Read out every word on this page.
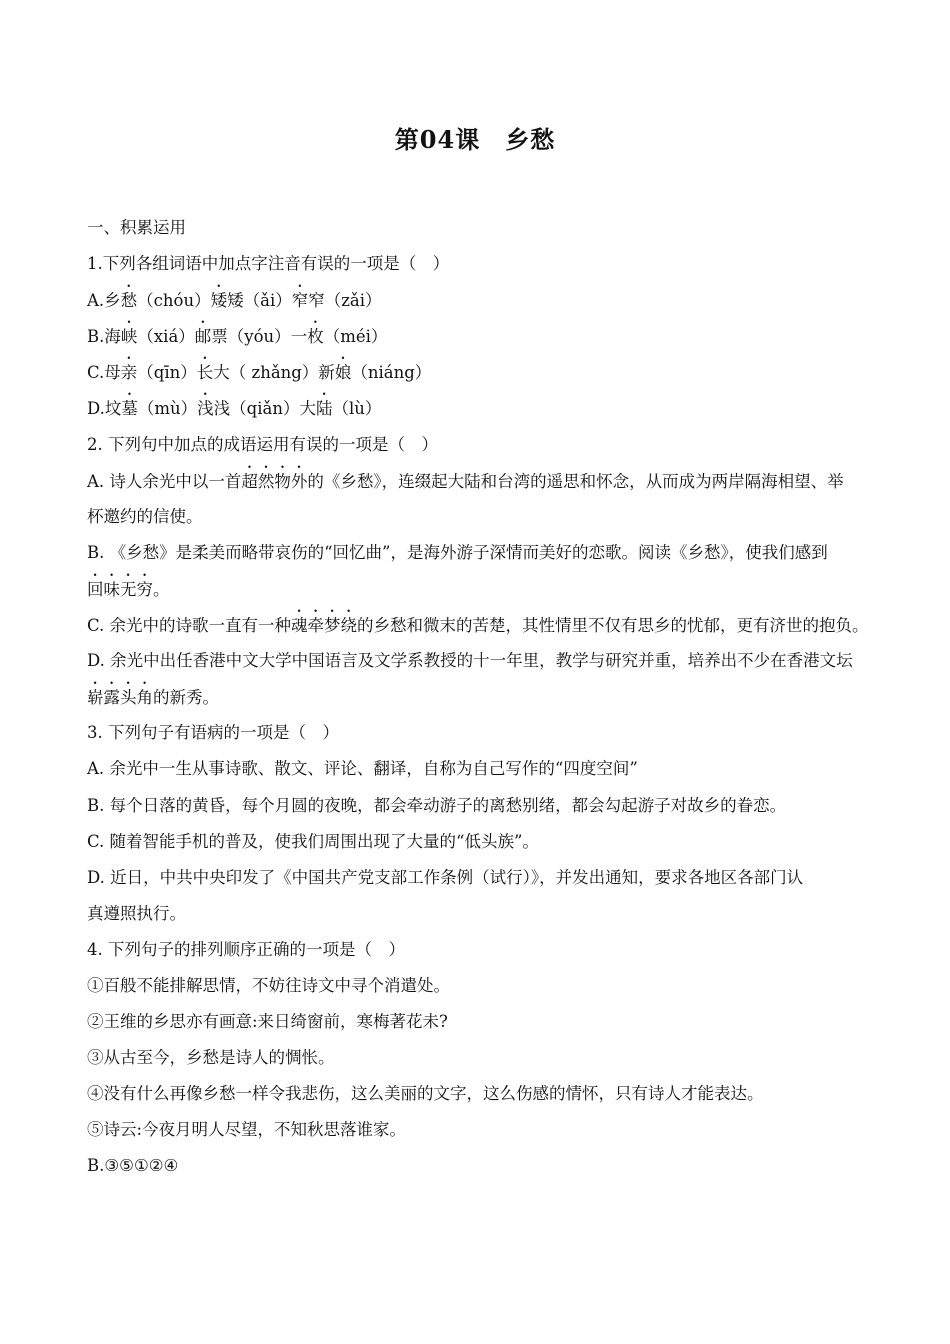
第04课　乡愁
一、积累运用
1.下列各组词语中加点字注音有误的一项是（　）
A.乡愁（chóu）矮矮（ǎi）窄窄（zǎi）
B.海峡（xiá）邮票（yóu）一枚（méi）
C.母亲（qīn）长大（ zhǎng）新娘（niáng）
D.坟墓（mù）浅浅（qiǎn）大陆（lù）
2. 下列句中加点的成语运用有误的一项是（　）
A. 诗人余光中以一首超然物外的《乡愁》，连缀起大陆和台湾的遥思和怀念，从而成为两岸隔海相望、举
杯邀约的信使。
B. 《乡愁》是柔美而略带哀伤的“回忆曲”，是海外游子深情而美好的恋歌。阅读《乡愁》，使我们感到
回味无穷。
C. 余光中的诗歌一直有一种魂牵梦绕的乡愁和微末的苦楚，其性情里不仅有思乡的忧郁，更有济世的抱负。
D. 余光中出任香港中文大学中国语言及文学系教授的十一年里，教学与研究并重，培养出不少在香港文坛
崭露头角的新秀。
3. 下列句子有语病的一项是（　）
A. 余光中一生从事诗歌、散文、评论、翻译，自称为自己写作的“四度空间”
B. 每个日落的黄昏，每个月圆的夜晚，都会牵动游子的离愁别绪，都会勾起游子对故乡的眷恋。
C. 随着智能手机的普及，使我们周围出现了大量的“低头族”。
D. 近日，中共中央印发了《中国共产党支部工作条例（试行）》，并发出通知，要求各地区各部门认
真遵照执行。
4. 下列句子的排列顺序正确的一项是（　）
①百般不能排解思情，不妨往诗文中寻个消遣处。
②王维的乡思亦有画意:来日绮窗前，寒梅著花未?
③从古至今，乡愁是诗人的惆怅。
④没有什么再像乡愁一样令我悲伤，这么美丽的文字，这么伤感的情怀，只有诗人才能表达。
⑤诗云:今夜月明人尽望，不知秋思落谁家。
B.③⑤①②④
